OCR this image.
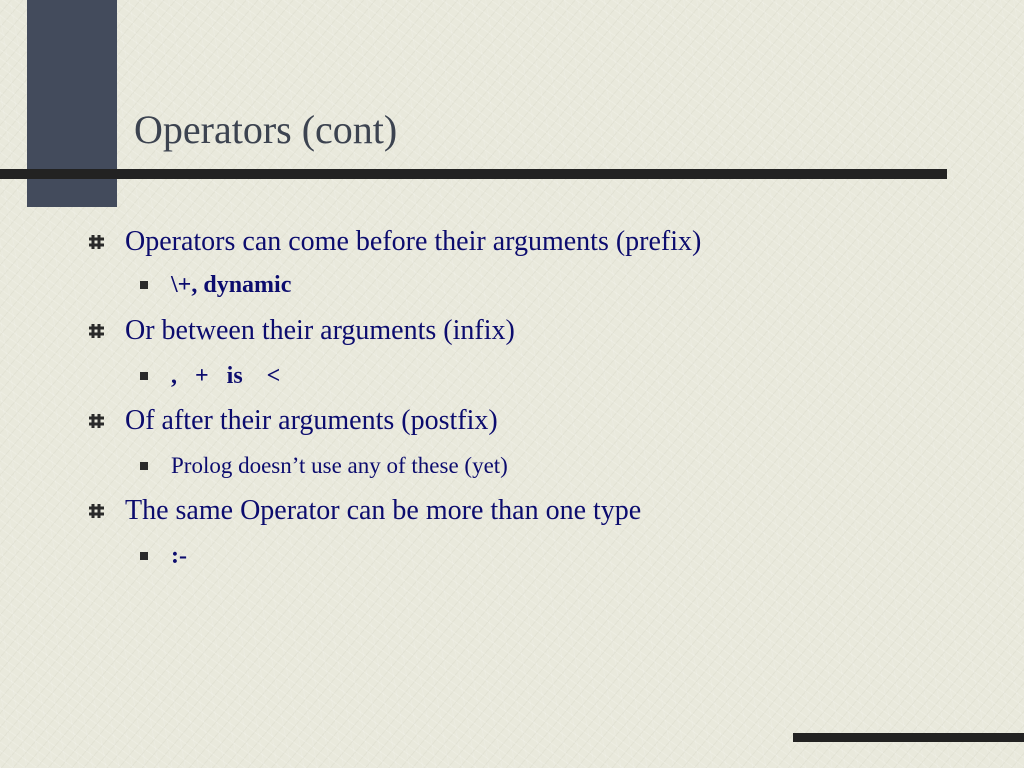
Operators (cont)
Operators can come before their arguments (prefix)
\+, dynamic
Or between their arguments (infix)
,   +   is    <
Of after their arguments (postfix)
Prolog doesn’t use any of these (yet)
The same Operator can be more than one type
:-
